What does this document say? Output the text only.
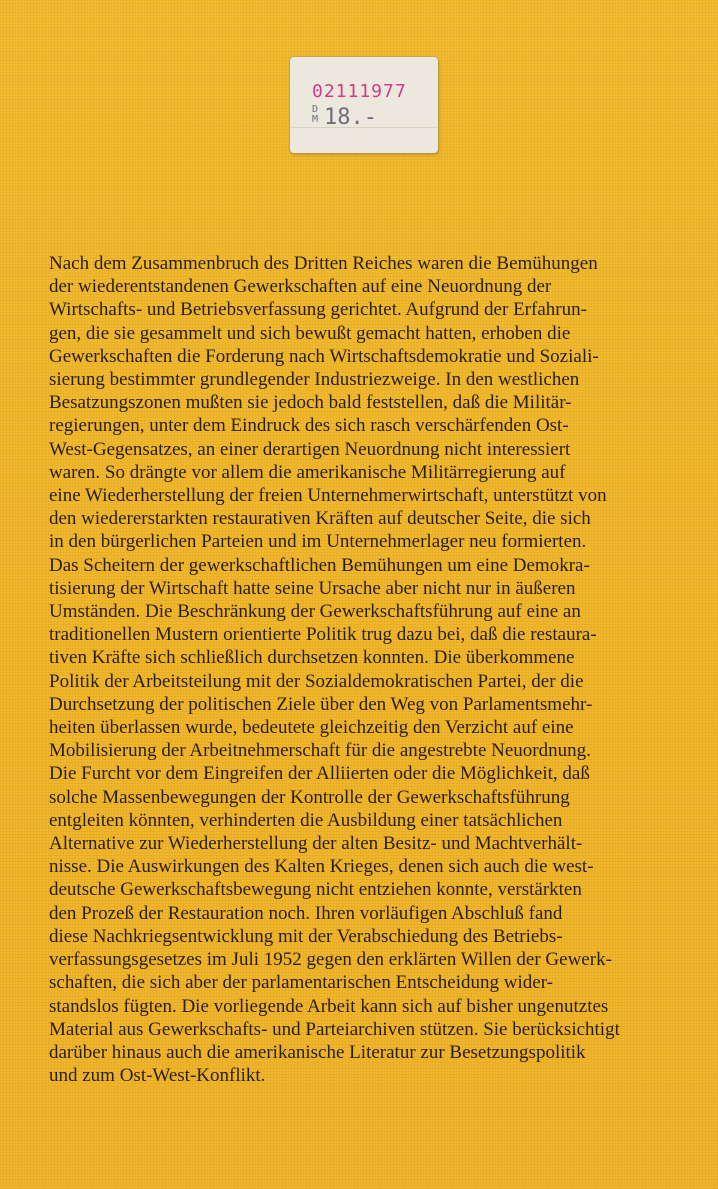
02111977
D
M 18.-

Nach dem Zusammenbruch des Dritten Reiches waren die Bemühungen
der wiederentstandenen Gewerkschaften auf eine Neuordnung der
Wirtschafts- und Betriebsverfassung gerichtet. Aufgrund der Erfahrun-
gen, die sie gesammelt und sich bewußt gemacht hatten, erhoben die
Gewerkschaften die Forderung nach Wirtschaftsdemokratie und Soziali-
sierung bestimmter grundlegender Industriezweige. In den westlichen
Besatzungszonen mußten sie jedoch bald feststellen, daß die Militär-
regierungen, unter dem Eindruck des sich rasch verschärfenden Ost-
West-Gegensatzes, an einer derartigen Neuordnung nicht interessiert
waren. So drängte vor allem die amerikanische Militärregierung auf
eine Wiederherstellung der freien Unternehmerwirtschaft, unterstützt von
den wiedererstarkten restaurativen Kräften auf deutscher Seite, die sich
in den bürgerlichen Parteien und im Unternehmerlager neu formierten.
Das Scheitern der gewerkschaftlichen Bemühungen um eine Demokra-
tisierung der Wirtschaft hatte seine Ursache aber nicht nur in äußeren
Umständen. Die Beschränkung der Gewerkschaftsführung auf eine an
traditionellen Mustern orientierte Politik trug dazu bei, daß die restaura-
tiven Kräfte sich schließlich durchsetzen konnten. Die überkommene
Politik der Arbeitsteilung mit der Sozialdemokratischen Partei, der die
Durchsetzung der politischen Ziele über den Weg von Parlamentsmehr-
heiten überlassen wurde, bedeutete gleichzeitig den Verzicht auf eine
Mobilisierung der Arbeitnehmerschaft für die angestrebte Neuordnung.
Die Furcht vor dem Eingreifen der Alliierten oder die Möglichkeit, daß
solche Massenbewegungen der Kontrolle der Gewerkschaftsführung
entgleiten könnten, verhinderten die Ausbildung einer tatsächlichen
Alternative zur Wiederherstellung der alten Besitz- und Machtverhält-
nisse. Die Auswirkungen des Kalten Krieges, denen sich auch die west-
deutsche Gewerkschaftsbewegung nicht entziehen konnte, verstärkten
den Prozeß der Restauration noch. Ihren vorläufigen Abschluß fand
diese Nachkriegsentwicklung mit der Verabschiedung des Betriebs-
verfassungsgesetzes im Juli 1952 gegen den erklärten Willen der Gewerk-
schaften, die sich aber der parlamentarischen Entscheidung wider-
standslos fügten. Die vorliegende Arbeit kann sich auf bisher ungenutztes
Material aus Gewerkschafts- und Parteiarchiven stützen. Sie berücksichtigt
darüber hinaus auch die amerikanische Literatur zur Besetzungspolitik
und zum Ost-West-Konflikt.
